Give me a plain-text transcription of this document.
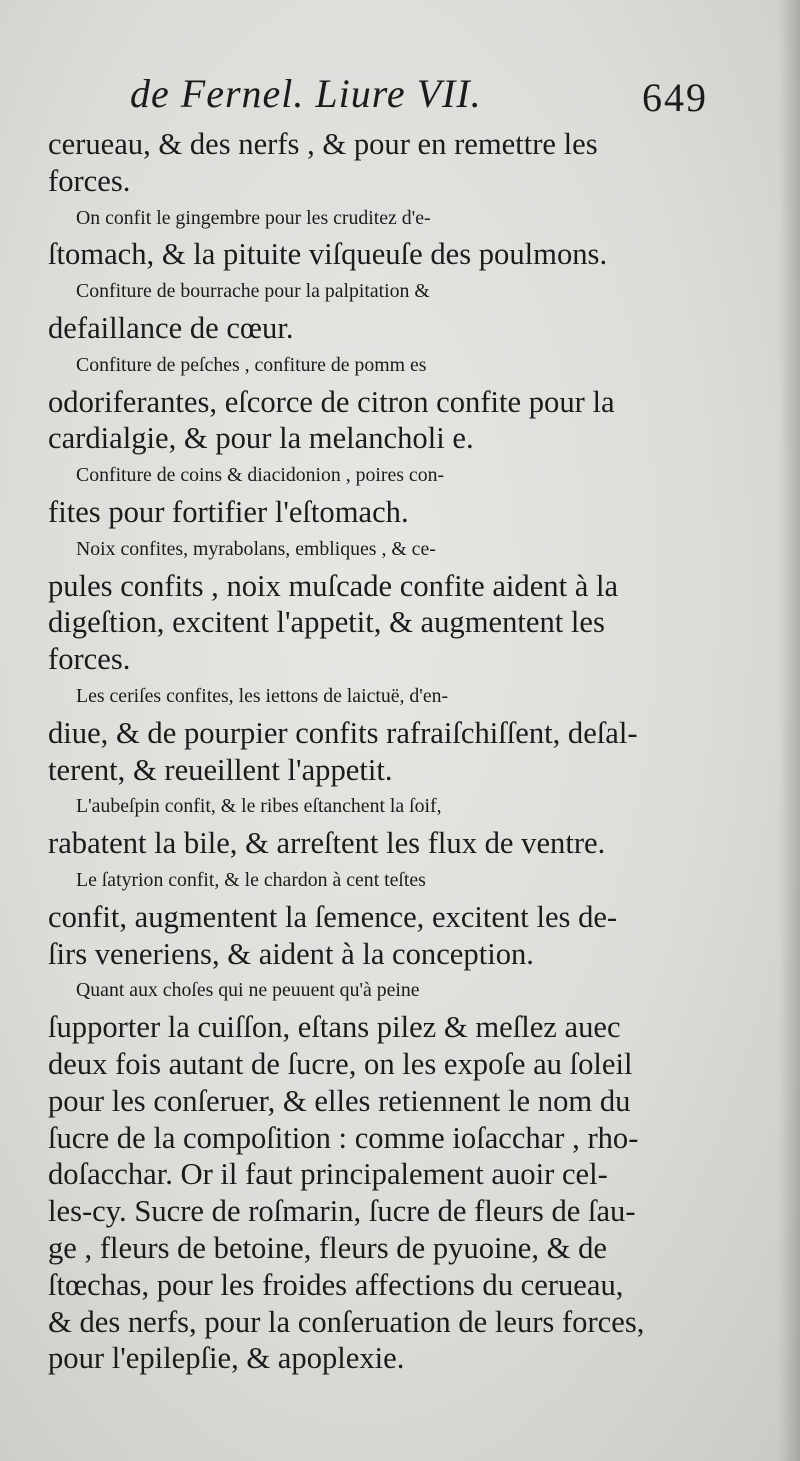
de Fernel. Liure VII.	649
cerueau, & des nerfs , & pour en remettre les
forces.
On confit le gingembre pour les cruditez d'e-
ſtomach, & la pituite viſqueuſe des poulmons.
Confiture de bourrache pour la palpitation &
defaillance de cœur.
Confiture de peſches , confiture de pomm es
odoriferantes, eſcorce de citron confite pour la
cardialgie, & pour la melancholi e.
Confiture de coins & diacidonion , poires con-
fites pour fortifier l'eſtomach.
Noix confites, myrabolans, embliques , & ce-
pules confits , noix muſcade confite aident à la
digeſtion, excitent l'appetit, & augmentent les
forces.
Les ceriſes confites, les iettons de laictuë, d'en-
diue, & de pourpier confits rafraiſchiſſent, deſal-
terent, & reueillent l'appetit.
L'aubeſpin confit, & le ribes eſtanchent la ſoif,
rabatent la bile, & arreſtent les flux de ventre.
Le ſatyrion confit, & le chardon à cent teſtes
confit, augmentent la ſemence, excitent les de-
ſirs veneriens, & aident à la conception.
Quant aux choſes qui ne peuuent qu'à peine
ſupporter la cuiſſon, eſtans pilez & meſlez auec
deux fois autant de ſucre, on les expoſe au ſoleil
pour les conſeruer, & elles retiennent le nom du
ſucre de la compoſition : comme ioſacchar , rho-
doſacchar. Or il faut principalement auoir cel-
les-cy. Sucre de roſmarin, ſucre de fleurs de ſau-
ge , fleurs de betoine, fleurs de pyuoine, & de
ſtœchas, pour les froides affections du cerueau,
& des nerfs, pour la conſeruation de leurs forces,
pour l'epilepſie, & apoplexie.
